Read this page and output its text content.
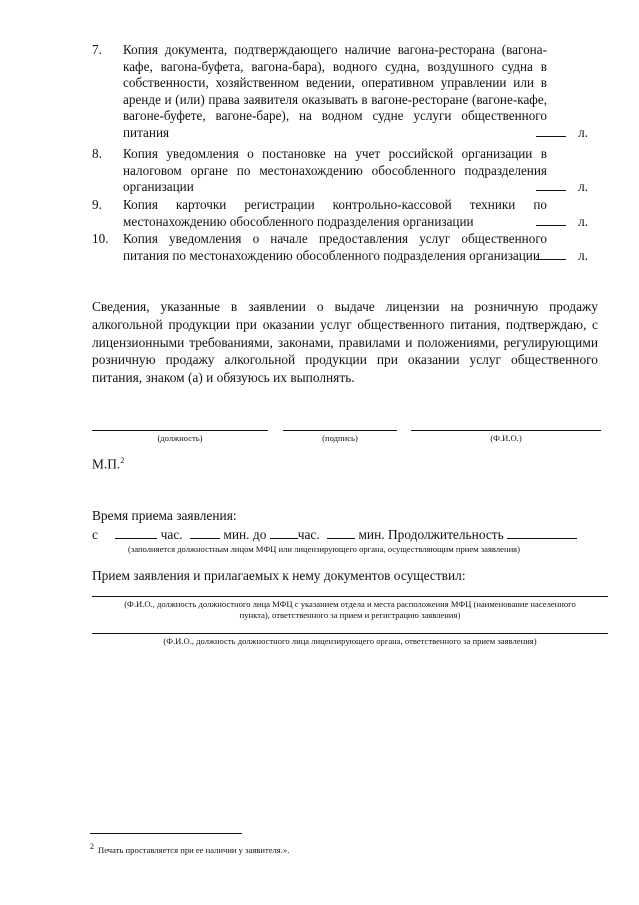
7.	Копия документа, подтверждающего наличие вагона-ресторана (вагона-кафе, вагона-буфета, вагона-бара), водного судна, воздушного судна в собственности, хозяйственном ведении, оперативном управлении или в аренде и (или) права заявителя оказывать в вагоне-ресторане (вагоне-кафе, вагоне-буфете, вагоне-баре), на водном судне услуги общественного питания	л.
8.	Копия уведомления о постановке на учет российской организации в налоговом органе по местонахождению обособленного подразделения организации	л.
9.	Копия карточки регистрации контрольно-кассовой техники по местонахождению обособленного подразделения организации	л.
10.	Копия уведомления о начале предоставления услуг общественного питания по местонахождению обособленного подразделения организации	л.
Сведения, указанные в заявлении о выдаче лицензии на розничную продажу алкогольной продукции при оказании услуг общественного питания, подтверждаю, с лицензионными требованиями, законами, правилами и положениями, регулирующими розничную продажу алкогольной продукции при оказании услуг общественного питания, знаком (а) и обязуюсь их выполнять.
(должность)	(подпись)	(Ф.И.О.)
М.П.$^2$
Время приема заявления:
с	час.	мин. до час.	мин. Продолжительность
(заполняется должностным лицом МФЦ или лицензирующего органа, осуществляющим прием заявления)
Прием заявления и прилагаемых к нему документов осуществил:
(Ф.И.О., должность должностного лица МФЦ с указанием отдела и места расположения МФЦ (наименование населенного
пункта), ответственного за прием и регистрацию заявления)
(Ф.И.О., должность должностного лица лицензирующего органа, ответственного за прием заявления)
$^2$ Печать проставляется при ее наличии у заявителя.».
